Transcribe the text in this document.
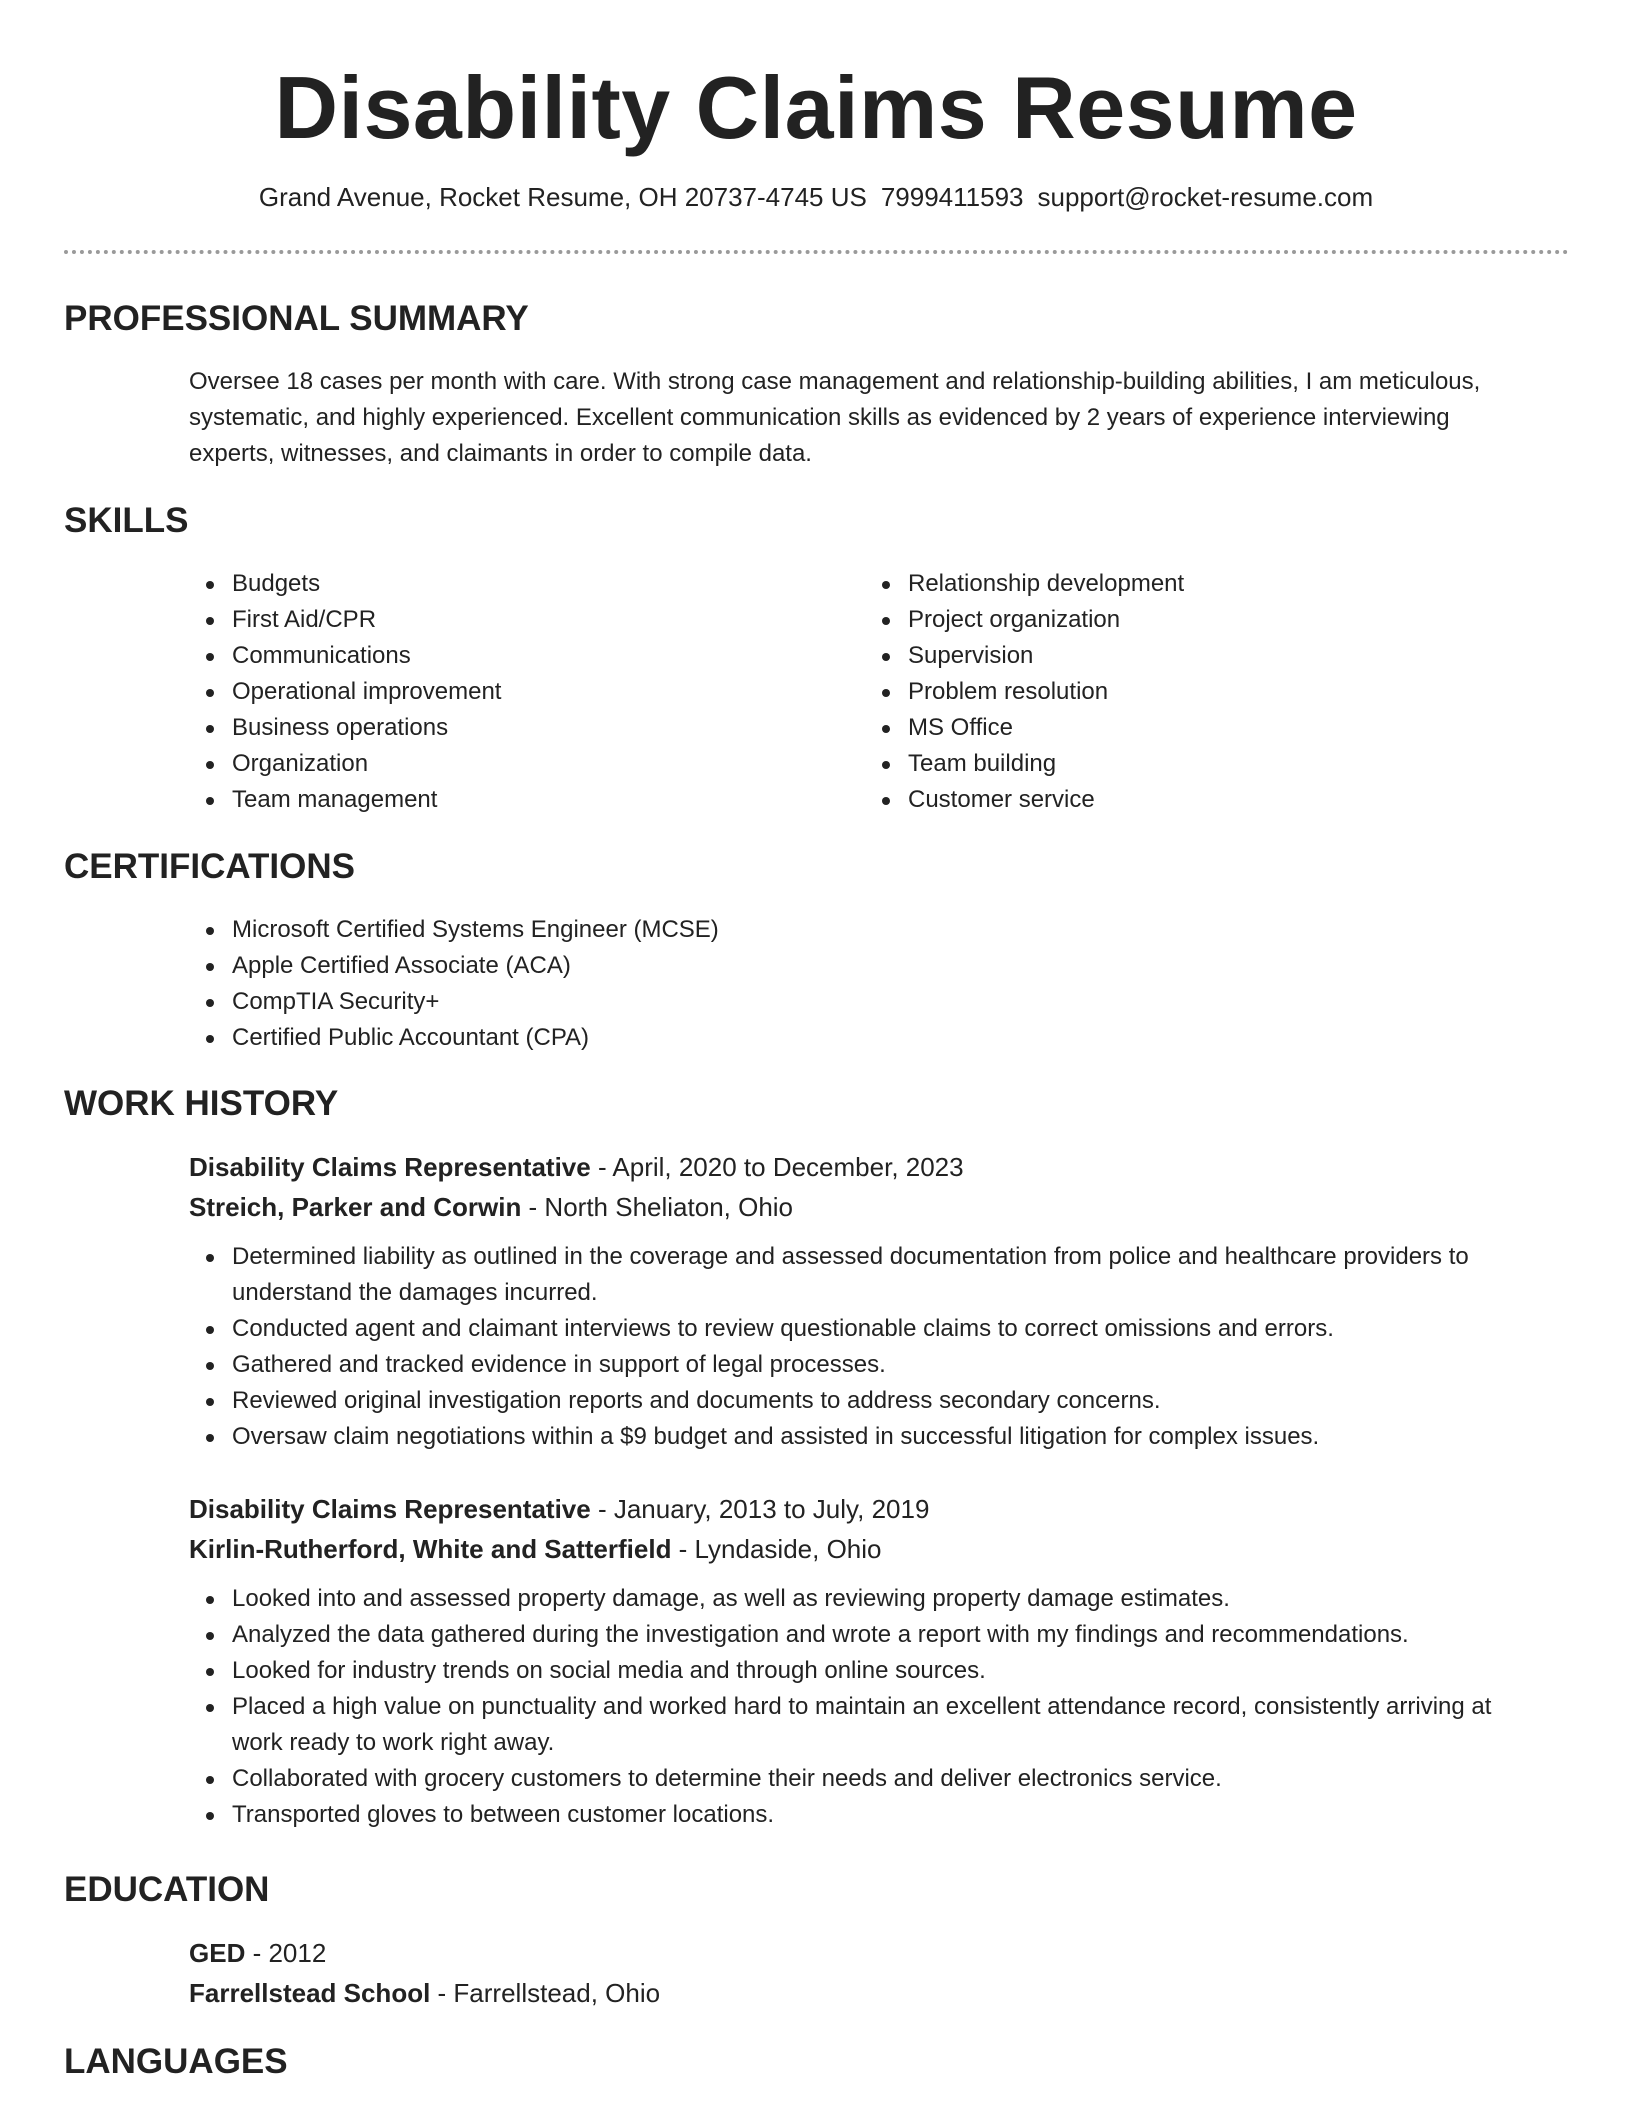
Disability Claims Resume
Grand Avenue, Rocket Resume, OH 20737-4745 US 7999411593 support@rocket-resume.com
PROFESSIONAL SUMMARY

Oversee 18 cases per month with care. With strong case management and relationship-building abilities, I am meticulous, systematic, and highly experienced. Excellent communication skills as evidenced by 2 years of experience interviewing experts, witnesses, and claimants in order to compile data.

SKILLS
Budgets
First Aid/CPR
Communications
Operational improvement
Business operations
Organization
Team management
Relationship development
Project organization
Supervision
Problem resolution
MS Office
Team building
Customer service
CERTIFICATIONS
Microsoft Certified Systems Engineer (MCSE)
Apple Certified Associate (ACA)
CompTIA Security+
Certified Public Accountant (CPA)
WORK HISTORY
Disability Claims Representative - April, 2020 to December, 2023
Streich, Parker and Corwin - North Sheliaton, Ohio
Determined liability as outlined in the coverage and assessed documentation from police and healthcare providers to understand the damages incurred.
Conducted agent and claimant interviews to review questionable claims to correct omissions and errors.
Gathered and tracked evidence in support of legal processes.
Reviewed original investigation reports and documents to address secondary concerns.
Oversaw claim negotiations within a $9 budget and assisted in successful litigation for complex issues.
Disability Claims Representative - January, 2013 to July, 2019
Kirlin-Rutherford, White and Satterfield - Lyndaside, Ohio
Looked into and assessed property damage, as well as reviewing property damage estimates.
Analyzed the data gathered during the investigation and wrote a report with my findings and recommendations.
Looked for industry trends on social media and through online sources.
Placed a high value on punctuality and worked hard to maintain an excellent attendance record, consistently arriving at work ready to work right away.
Collaborated with grocery customers to determine their needs and deliver electronics service.
Transported gloves to between customer locations.
EDUCATION
GED - 2012
Farrellstead School - Farrellstead, Ohio
LANGUAGES
